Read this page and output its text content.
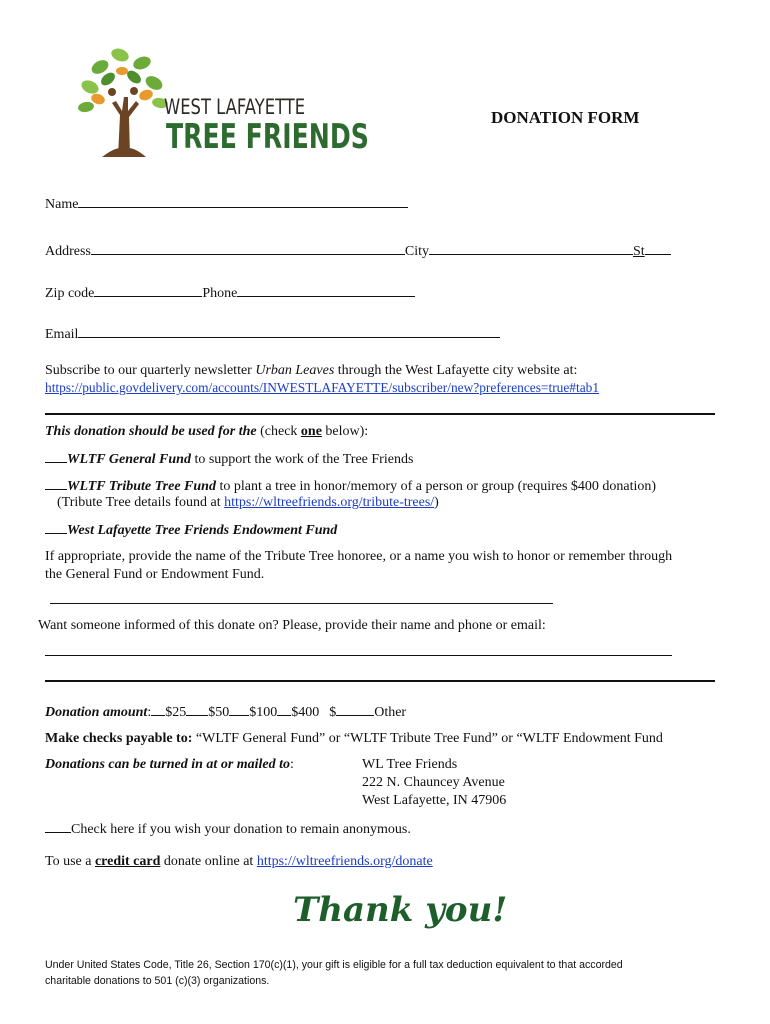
WEST LAFAYETTE
TREE FRIENDS	DONATION FORM
Name
Address	City	St
Zip code	Phone
Email
Subscribe to our quarterly newsletter Urban Leaves through the West Lafayette city website at:
https://public.govdelivery.com/accounts/INWESTLAFAYETTE/subscriber/new?preferences=true#tab1
This donation should be used for the (check one below):
WLTF General Fund to support the work of the Tree Friends
WLTF Tribute Tree Fund to plant a tree in honor/memory of a person or group (requires $400 donation)
(Tribute Tree details found at https://wltreefriends.org/tribute-trees/)
West Lafayette Tree Friends Endowment Fund
If appropriate, provide the name of the Tribute Tree honoree, or a name you wish to honor or remember through
the General Fund or Endowment Fund.
Want someone informed of this donate on? Please, provide their name and phone or email:
Donation amount: $25 $50 $100 $400 $	Other
Make checks payable to: “WLTF General Fund” or “WLTF Tribute Tree Fund” or “WLTF Endowment Fund
Donations can be turned in at or mailed to:	WL Tree Friends
222 N. Chauncey Avenue
West Lafayette, IN 47906
Check here if you wish your donation to remain anonymous.
To use a credit card donate online at https://wltreefriends.org/donate
Thank you!
Under United States Code, Title 26, Section 170(c)(1), your gift is eligible for a full tax deduction equivalent to that accorded
charitable donations to 501 (c)(3) organizations.
